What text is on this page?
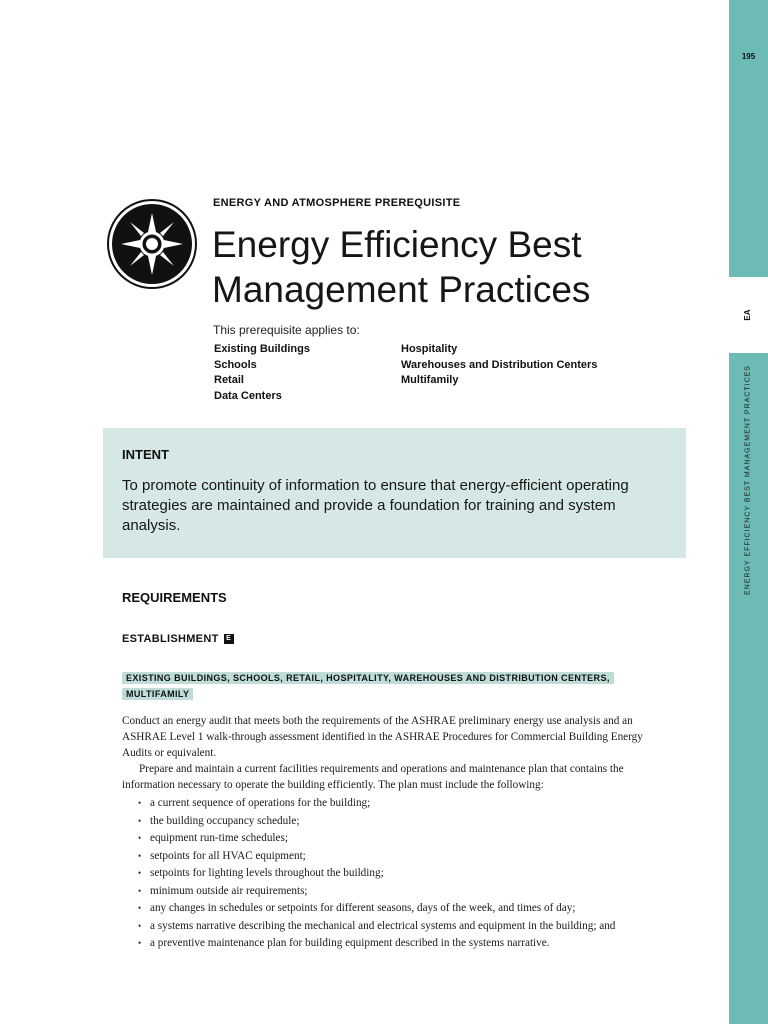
195
EA
ENERGY EFFICIENCY BEST MANAGEMENT PRACTICES
ENERGY AND ATMOSPHERE PREREQUISITE
Energy Efficiency Best Management Practices
This prerequisite applies to:
Existing Buildings
Schools
Retail
Data Centers
Hospitality
Warehouses and Distribution Centers
Multifamily
INTENT
To promote continuity of information to ensure that energy-efficient operating strategies are maintained and provide a foundation for training and system analysis.
REQUIREMENTS
ESTABLISHMENT	E
EXISTING BUILDINGS, SCHOOLS, RETAIL, HOSPITALITY, WAREHOUSES AND DISTRIBUTION CENTERS, MULTIFAMILY

Conduct an energy audit that meets both the requirements of the ASHRAE preliminary energy use analysis and an ASHRAE Level 1 walk-through assessment identified in the ASHRAE Procedures for Commercial Building Energy Audits or equivalent.

Prepare and maintain a current facilities requirements and operations and maintenance plan that contains the information necessary to operate the building efficiently. The plan must include the following:

• a current sequence of operations for the building;
• the building occupancy schedule;
• equipment run-time schedules;
• setpoints for all HVAC equipment;
• setpoints for lighting levels throughout the building;
• minimum outside air requirements;
• any changes in schedules or setpoints for different seasons, days of the week, and times of day;
• a systems narrative describing the mechanical and electrical systems and equipment in the building; and
• a preventive maintenance plan for building equipment described in the systems narrative.
